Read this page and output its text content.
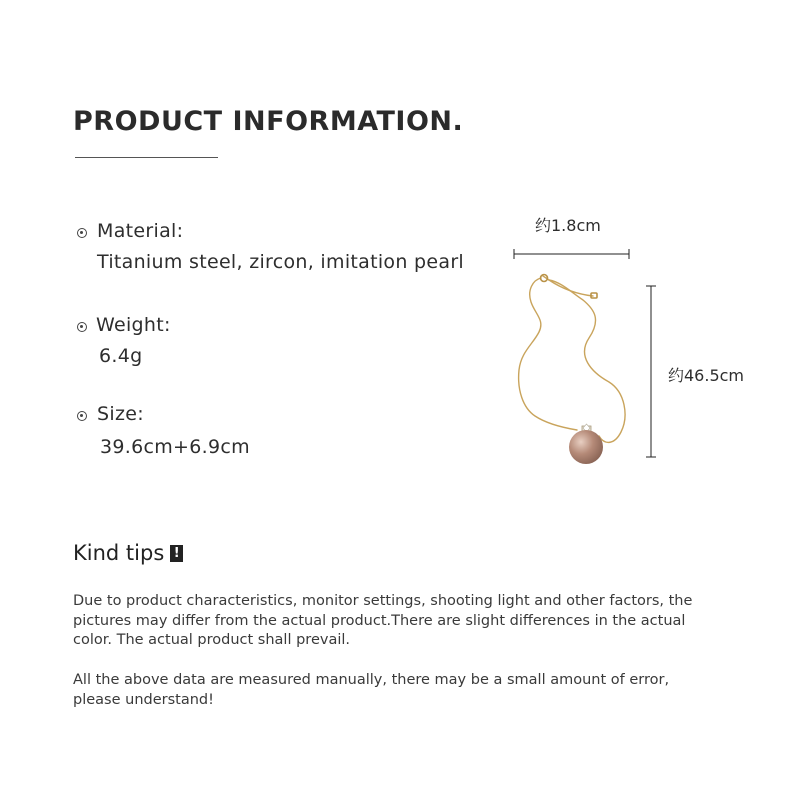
PRODUCT INFORMATION.
Material:
Titanium steel, zircon, imitation pearl
Weight:
6.4g
Size:
39.6cm+6.9cm
约1.8cm
约46.5cm
Kind tips !
Due to product characteristics, monitor settings, shooting light and other factors, the pictures may differ from the actual product.There are slight differences in the actual color. The actual product shall prevail.
All the above data are measured manually, there may be a small amount of error, please understand!
